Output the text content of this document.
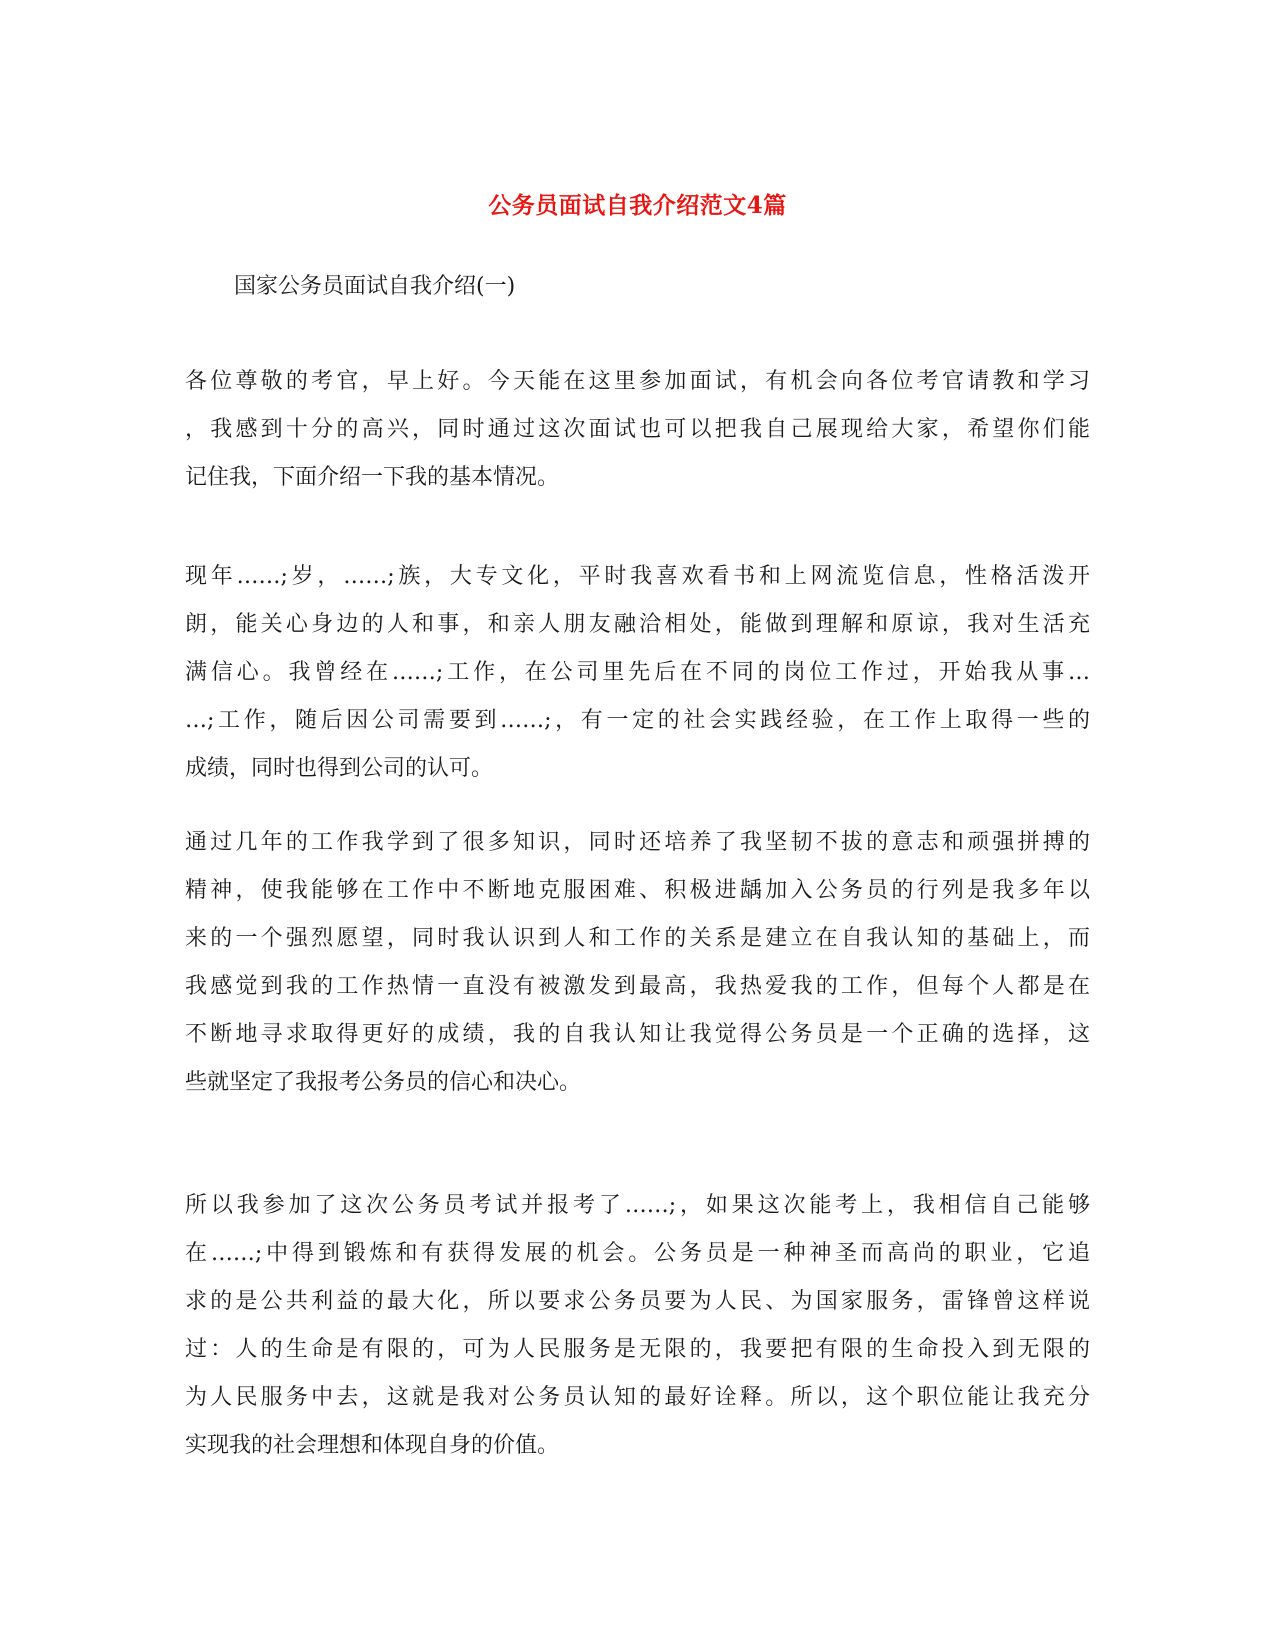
公务员面试自我介绍范文4篇
国家公务员面试自我介绍(一)

各位尊敬的考官，早上好。今天能在这里参加面试，有机会向各位考官请教和学习
，我感到十分的高兴，同时通过这次面试也可以把我自己展现给大家，希望你们能
记住我，下面介绍一下我的基本情况。

现年……;岁，……;族，大专文化，平时我喜欢看书和上网流览信息，性格活泼开
朗，能关心身边的人和事，和亲人朋友融洽相处，能做到理解和原谅，我对生活充
满信心。我曾经在……;工作，在公司里先后在不同的岗位工作过，开始我从事…
…;工作，随后因公司需要到……;，有一定的社会实践经验，在工作上取得一些的
成绩，同时也得到公司的认可。

通过几年的工作我学到了很多知识，同时还培养了我坚韧不拔的意志和顽强拼搏的
精神，使我能够在工作中不断地克服困难、积极进龋加入公务员的行列是我多年以
来的一个强烈愿望，同时我认识到人和工作的关系是建立在自我认知的基础上，而
我感觉到我的工作热情一直没有被激发到最高，我热爱我的工作，但每个人都是在
不断地寻求取得更好的成绩，我的自我认知让我觉得公务员是一个正确的选择，这
些就坚定了我报考公务员的信心和决心。

所以我参加了这次公务员考试并报考了……;，如果这次能考上，我相信自己能够
在……;中得到锻炼和有获得发展的机会。公务员是一种神圣而高尚的职业，它追
求的是公共利益的最大化，所以要求公务员要为人民、为国家服务，雷锋曾这样说
过：人的生命是有限的，可为人民服务是无限的，我要把有限的生命投入到无限的
为人民服务中去，这就是我对公务员认知的最好诠释。所以，这个职位能让我充分
实现我的社会理想和体现自身的价值。
